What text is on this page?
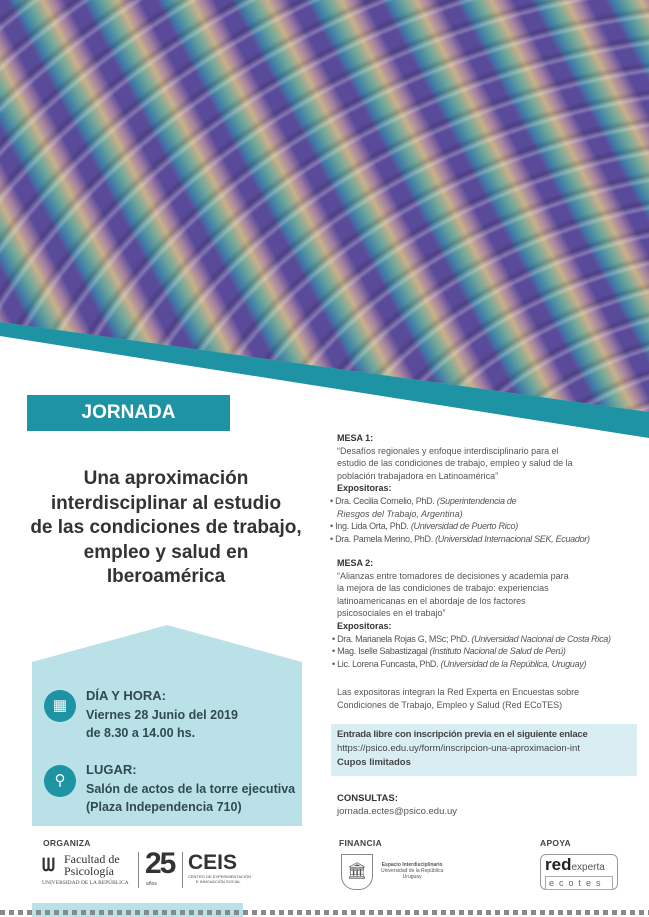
JORNADA
Una aproximación
interdisciplinar al estudio
de las condiciones de trabajo,
empleo y salud en
Iberoamérica
▦
DÍA Y HORA:
Viernes 28 Junio del 2019
de 8.30 a 14.00 hs.
⚲
LUGAR:
Salón de actos de la torre ejecutiva
(Plaza Independencia 710)
MESA 1:
“Desafíos regionales y enfoque interdisciplinario para el
estudio de las condiciones de trabajo, empleo y salud de la
población trabajadora en Latinoamérica”
Expositoras:
• Dra. Cecilia Cornelio, PhD. (Superintendencia de
Riesgos del Trabajo, Argentina)
• Ing. Lida Orta, PhD. (Universidad de Puerto Rico)
• Dra. Pamela Merino, PhD. (Universidad Internacional SEK, Ecuador)
MESA 2:
“Alianzas entre tomadores de decisiones y academia para
la mejora de las condiciones de trabajo: experiencias
latinoamericanas en el abordaje de los factores
psicosociales en el trabajo”
Expositoras:
• Dra. Marianela Rojas G, MSc; PhD. (Universidad Nacional de Costa Rica)
• Mag. Iselle Sabastizagal (Instituto Nacional de Salud de Perú)
• Lic. Lorena Funcasta, PhD. (Universidad de la República, Uruguay)
Las expositoras integran la Red Experta en Encuestas sobre
Condiciones de Trabajo, Empleo y Salud (Red ECoTES)
Entrada libre con inscripción previa en el siguiente enlace
https://psico.edu.uy/form/inscripcion-una-aproximacion-int
Cupos limitados
CONSULTAS:
jornada.ectes@psico.edu.uy
ORGANIZA
ᗯ Facultad de
Psicología
UNIVERSIDAD DE LA REPÚBLICA
25
años
CEIS
CENTRO DE EXPERIMENTACIÓN
E INNOVACIÓN SOCIAL
FINANCIA
🏛	Espacio Interdisciplinario
Universidad de la República
Uruguay
APOYA
redexperta
ecotes
